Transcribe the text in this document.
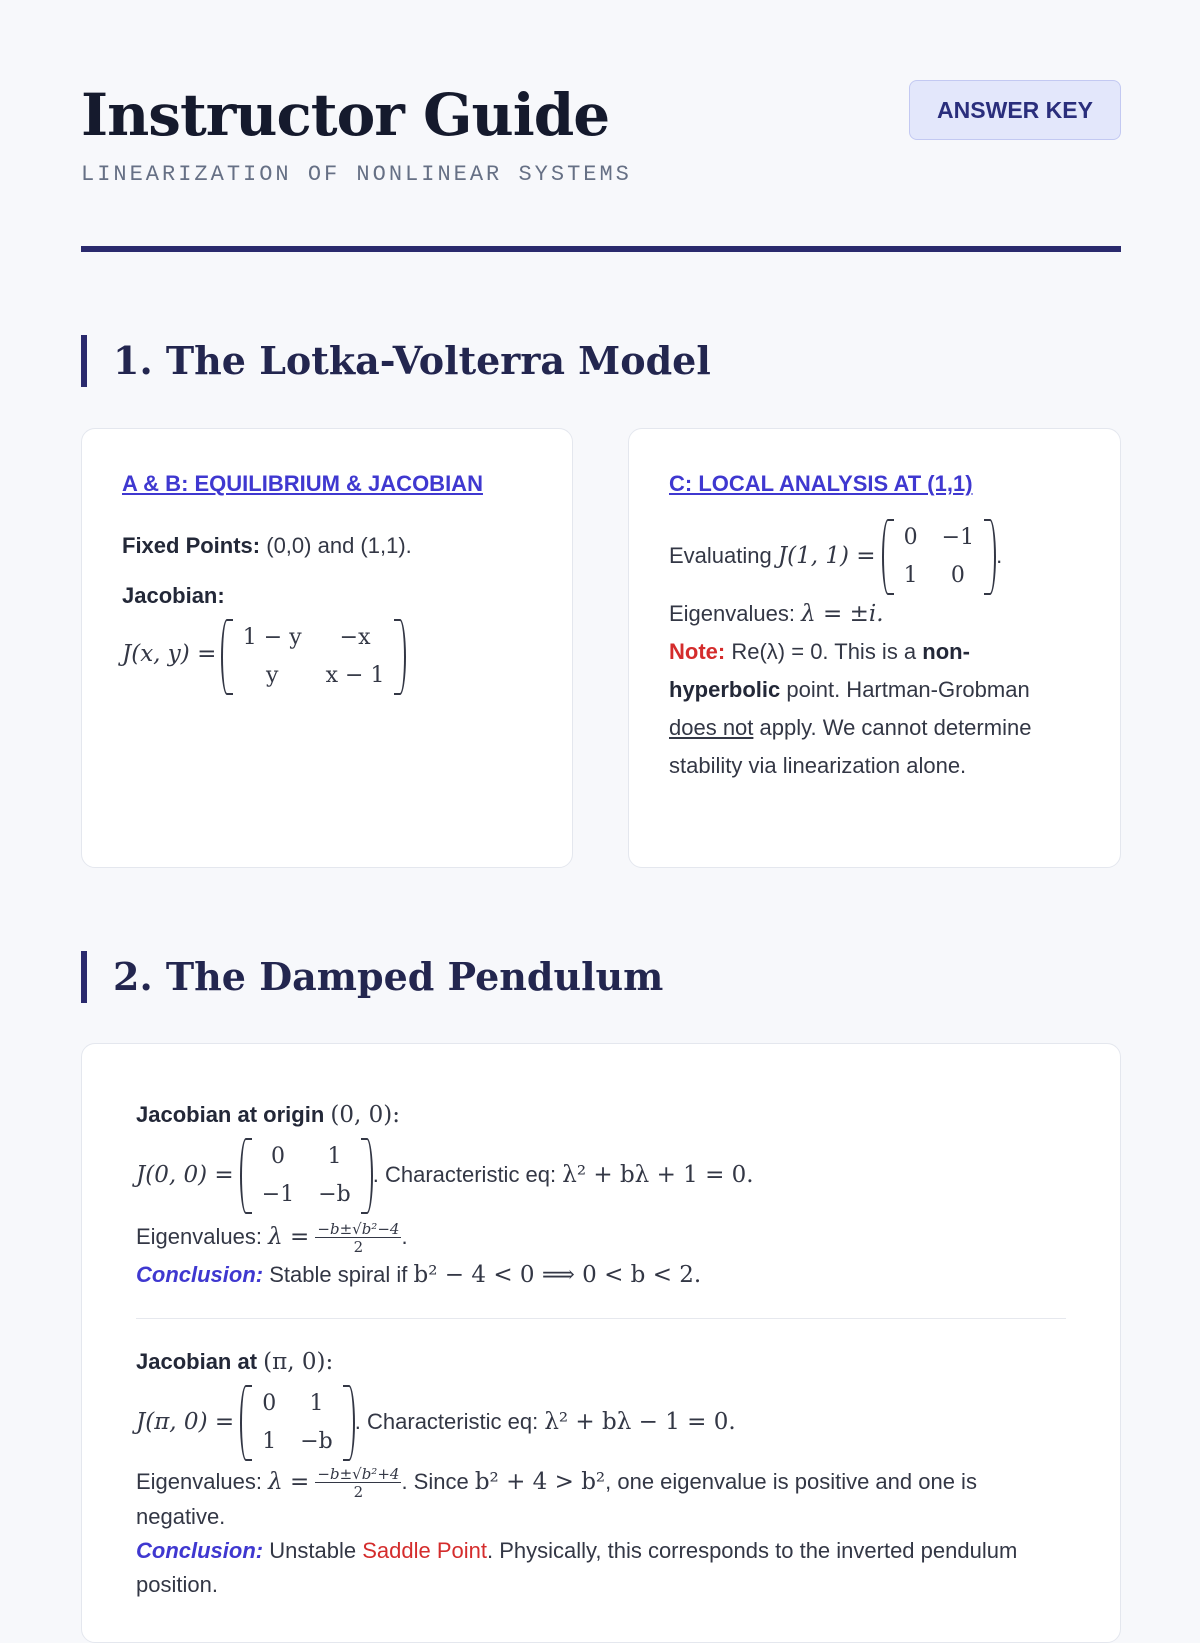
Instructor Guide
LINEARIZATION OF NONLINEAR SYSTEMS
ANSWER KEY
1. The Lotka-Volterra Model
A & B: EQUILIBRIUM & JACOBIAN
Fixed Points: (0,0) and (1,1).
Jacobian:
J(x, y) =
1 − y	−x
y	x − 1
C: LOCAL ANALYSIS AT (1,1)
Evaluating J(1, 1) =
0	−1
1	0
.
Eigenvalues: λ = ±i.
Note: Re(λ) = 0. This is a non-hyperbolic point. Hartman-Grobman does not apply. We cannot determine stability via linearization alone.
2. The Damped Pendulum
Jacobian at origin (0, 0):
J(0, 0) =
0	1
−1	−b
. Characteristic eq: λ² + bλ + 1 = 0.
Eigenvalues: $\lambda = \frac{\text{−b±√b²−4}}{2}$ .
Conclusion: Stable spiral if b² − 4 < 0 ⟹ 0 < b < 2.
Jacobian at (π, 0):
J(π, 0) =
0	1
1	−b
. Characteristic eq: λ² + bλ − 1 = 0.
Eigenvalues: $\lambda = \frac{\text{−b±√b²+4}}{2}$ . Since b² + 4 > b², one eigenvalue is positive and one is negative.
Conclusion: Unstable Saddle Point. Physically, this corresponds to the inverted pendulum position.
